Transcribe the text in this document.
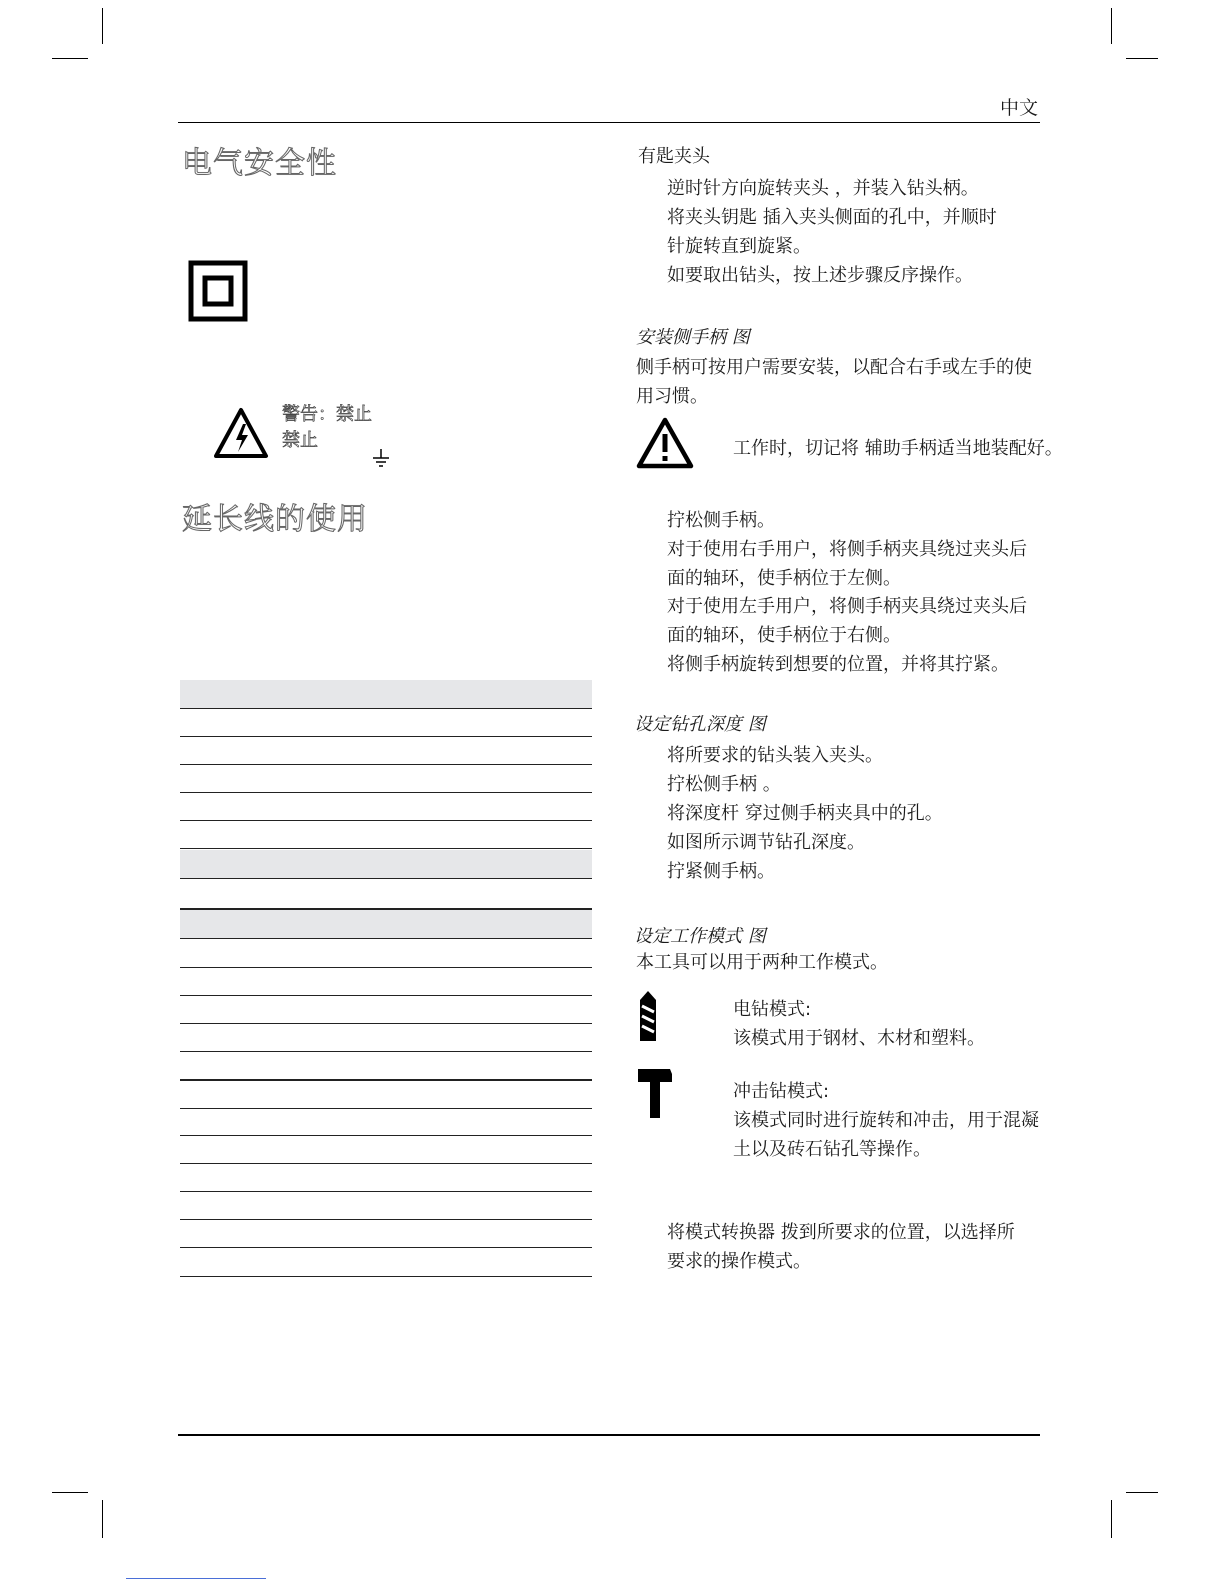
中文
电气安全性
警告：禁止
禁止
延长线的使用
有匙夹头
逆时针方向旋转夹头 ，并装入钻头柄。
将夹头钥匙 插入夹头侧面的孔中，并顺时
针旋转直到旋紧。
如要取出钻头，按上述步骤反序操作。
安装侧手柄 图
侧手柄可按用户需要安装，以配合右手或左手的使
用习惯。
工作时，切记将 辅助手柄适当地装配好。
拧松侧手柄。
对于使用右手用户，将侧手柄夹具绕过夹头后
面的轴环，使手柄位于左侧。
对于使用左手用户，将侧手柄夹具绕过夹头后
面的轴环，使手柄位于右侧。
将侧手柄旋转到想要的位置，并将其拧紧。
设定钻孔深度 图
将所要求的钻头装入夹头。
拧松侧手柄 。
将深度杆 穿过侧手柄夹具中的孔。
如图所示调节钻孔深度。
拧紧侧手柄。
设定工作模式 图
本工具可以用于两种工作模式。
电钻模式:
该模式用于钢材、木材和塑料。
冲击钻模式:
该模式同时进行旋转和冲击，用于混凝
土以及砖石钻孔等操作。
将模式转换器 拨到所要求的位置，以选择所
要求的操作模式。
